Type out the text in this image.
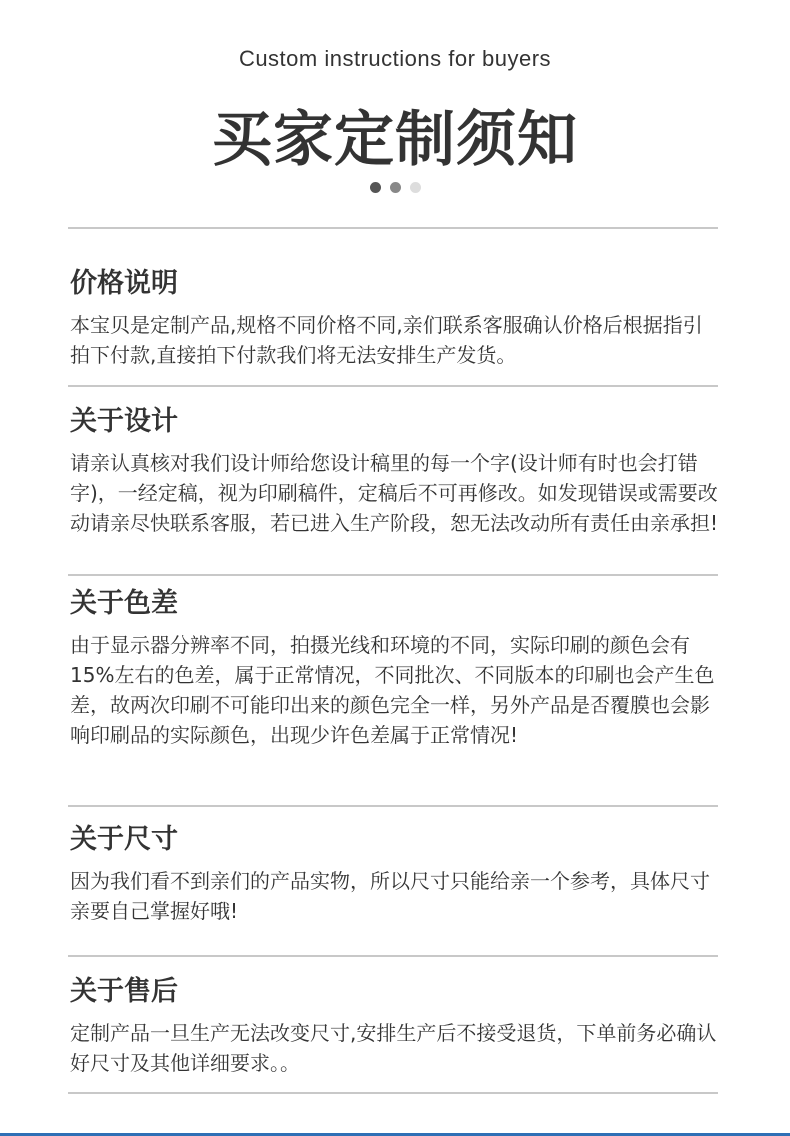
Custom instructions for buyers
买家定制须知
价格说明

本宝贝是定制产品,规格不同价格不同,亲们联系客服确认价格后根据指引拍下付款,直接拍下付款我们将无法安排生产发货。

关于设计

请亲认真核对我们设计师给您设计稿里的每一个字(设计师有时也会打错字)，一经定稿，视为印刷稿件，定稿后不可再修改。如发现错误或需要改动请亲尽快联系客服，若已进入生产阶段，恕无法改动所有责任由亲承担!

关于色差

由于显示器分辨率不同，拍摄光线和环境的不同，实际印刷的颜色会有15%左右的色差，属于正常情况，不同批次、不同版本的印刷也会产生色差，故两次印刷不可能印出来的颜色完全一样，另外产品是否覆膜也会影响印刷品的实际颜色，出现少许色差属于正常情况!

关于尺寸

因为我们看不到亲们的产品实物，所以尺寸只能给亲一个参考，具体尺寸亲要自己掌握好哦!

关于售后

定制产品一旦生产无法改变尺寸,安排生产后不接受退货，下单前务必确认好尺寸及其他详细要求。。
